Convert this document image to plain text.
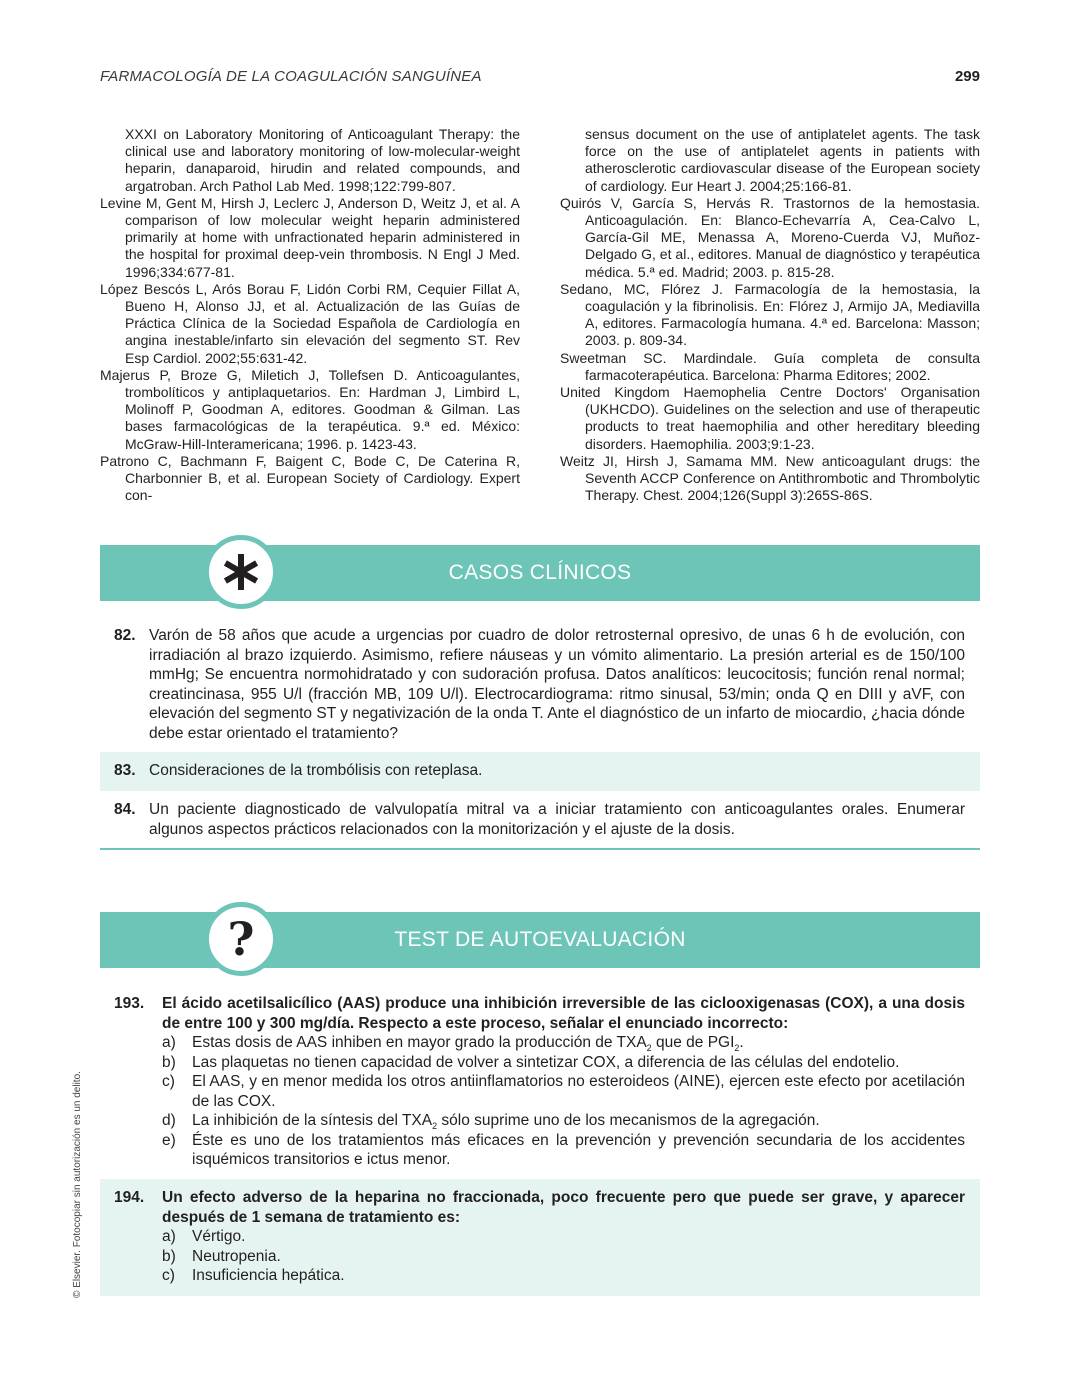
FARMACOLOGÍA DE LA COAGULACIÓN SANGUÍNEA	299

XXXI on Laboratory Monitoring of Anticoagulant Therapy: the clinical use and laboratory monitoring of low-molecular-weight heparin, danaparoid, hirudin and related compounds, and argatroban. Arch Pathol Lab Med. 1998;122:799-807.

Levine M, Gent M, Hirsh J, Leclerc J, Anderson D, Weitz J, et al. A comparison of low molecular weight heparin administered primarily at home with unfractionated heparin administered in the hospital for proximal deep-vein thrombosis. N Engl J Med. 1996;334:677-81.

López Bescós L, Arós Borau F, Lidón Corbi RM, Cequier Fillat A, Bueno H, Alonso JJ, et al. Actualización de las Guías de Práctica Clínica de la Sociedad Española de Cardiología en angina inestable/infarto sin elevación del segmento ST. Rev Esp Cardiol. 2002;55:631-42.

Majerus P, Broze G, Miletich J, Tollefsen D. Anticoagulantes, trombolíticos y antiplaquetarios. En: Hardman J, Limbird L, Molinoff P, Goodman A, editores. Goodman & Gilman. Las bases farmacológicas de la terapéutica. 9.ª ed. México: McGraw-Hill-Interamericana; 1996. p. 1423-43.

Patrono C, Bachmann F, Baigent C, Bode C, De Caterina R, Charbonnier B, et al. European Society of Cardiology. Expert con-

sensus document on the use of antiplatelet agents. The task force on the use of antiplatelet agents in patients with atherosclerotic cardiovascular disease of the European society of cardiology. Eur Heart J. 2004;25:166-81.

Quirós V, García S, Hervás R. Trastornos de la hemostasia. Anticoagulación. En: Blanco-Echevarría A, Cea-Calvo L, García-Gil ME, Menassa A, Moreno-Cuerda VJ, Muñoz-Delgado G, et al., editores. Manual de diagnóstico y terapéutica médica. 5.ª ed. Madrid; 2003. p. 815-28.

Sedano, MC, Flórez J. Farmacología de la hemostasia, la coagulación y la fibrinolisis. En: Flórez J, Armijo JA, Mediavilla A, editores. Farmacología humana. 4.ª ed. Barcelona: Masson; 2003. p. 809-34.

Sweetman SC. Mardindale. Guía completa de consulta farmacoterapéutica. Barcelona: Pharma Editores; 2002.

United Kingdom Haemophelia Centre Doctors' Organisation (UKHCDO). Guidelines on the selection and use of therapeutic products to treat haemophilia and other hereditary bleeding disorders. Haemophilia. 2003;9:1-23.

Weitz JI, Hirsh J, Samama MM. New anticoagulant drugs: the Seventh ACCP Conference on Antithrombotic and Thrombolytic Therapy. Chest. 2004;126(Suppl 3):265S-86S.

CASOS CLÍNICOS
82. Varón de 58 años que acude a urgencias por cuadro de dolor retrosternal opresivo, de unas 6 h de evolución, con irradiación al brazo izquierdo. Asimismo, refiere náuseas y un vómito alimentario. La presión arterial es de 150/100 mmHg; Se encuentra normohidratado y con sudoración profusa. Datos analíticos: leucocitosis; función renal normal; creatincinasa, 955 U/l (fracción MB, 109 U/l). Electrocardiograma: ritmo sinusal, 53/min; onda Q en DIII y aVF, con elevación del segmento ST y negativización de la onda T. Ante el diagnóstico de un infarto de miocardio, ¿hacia dónde debe estar orientado el tratamiento?
83. Consideraciones de la trombólisis con reteplasa.
84. Un paciente diagnosticado de valvulopatía mitral va a iniciar tratamiento con anticoagulantes orales. Enumerar algunos aspectos prácticos relacionados con la monitorización y el ajuste de la dosis.
?	TEST DE AUTOEVALUACIÓN
193. El ácido acetilsalicílico (AAS) produce una inhibición irreversible de las ciclooxigenasas (COX), a una dosis de entre 100 y 300 mg/día. Respecto a este proceso, señalar el enunciado incorrecto:
a) Estas dosis de AAS inhiben en mayor grado la producción de $TXA_2$ que de $PGI_2$.
b) Las plaquetas no tienen capacidad de volver a sintetizar COX, a diferencia de las células del endotelio.
c) El AAS, y en menor medida los otros antiinflamatorios no esteroideos (AINE), ejercen este efecto por acetilación de las COX.
d) La inhibición de la síntesis del $TXA_2$ sólo suprime uno de los mecanismos de la agregación.
e) Éste es uno de los tratamientos más eficaces en la prevención y prevención secundaria de los accidentes isquémicos transitorios e ictus menor.
194. Un efecto adverso de la heparina no fraccionada, poco frecuente pero que puede ser grave, y aparecer después de 1 semana de tratamiento es:
a) Vértigo.
b) Neutropenia.
c) Insuficiencia hepática.
© Elsevier. Fotocopiar sin autorización es un delito.
